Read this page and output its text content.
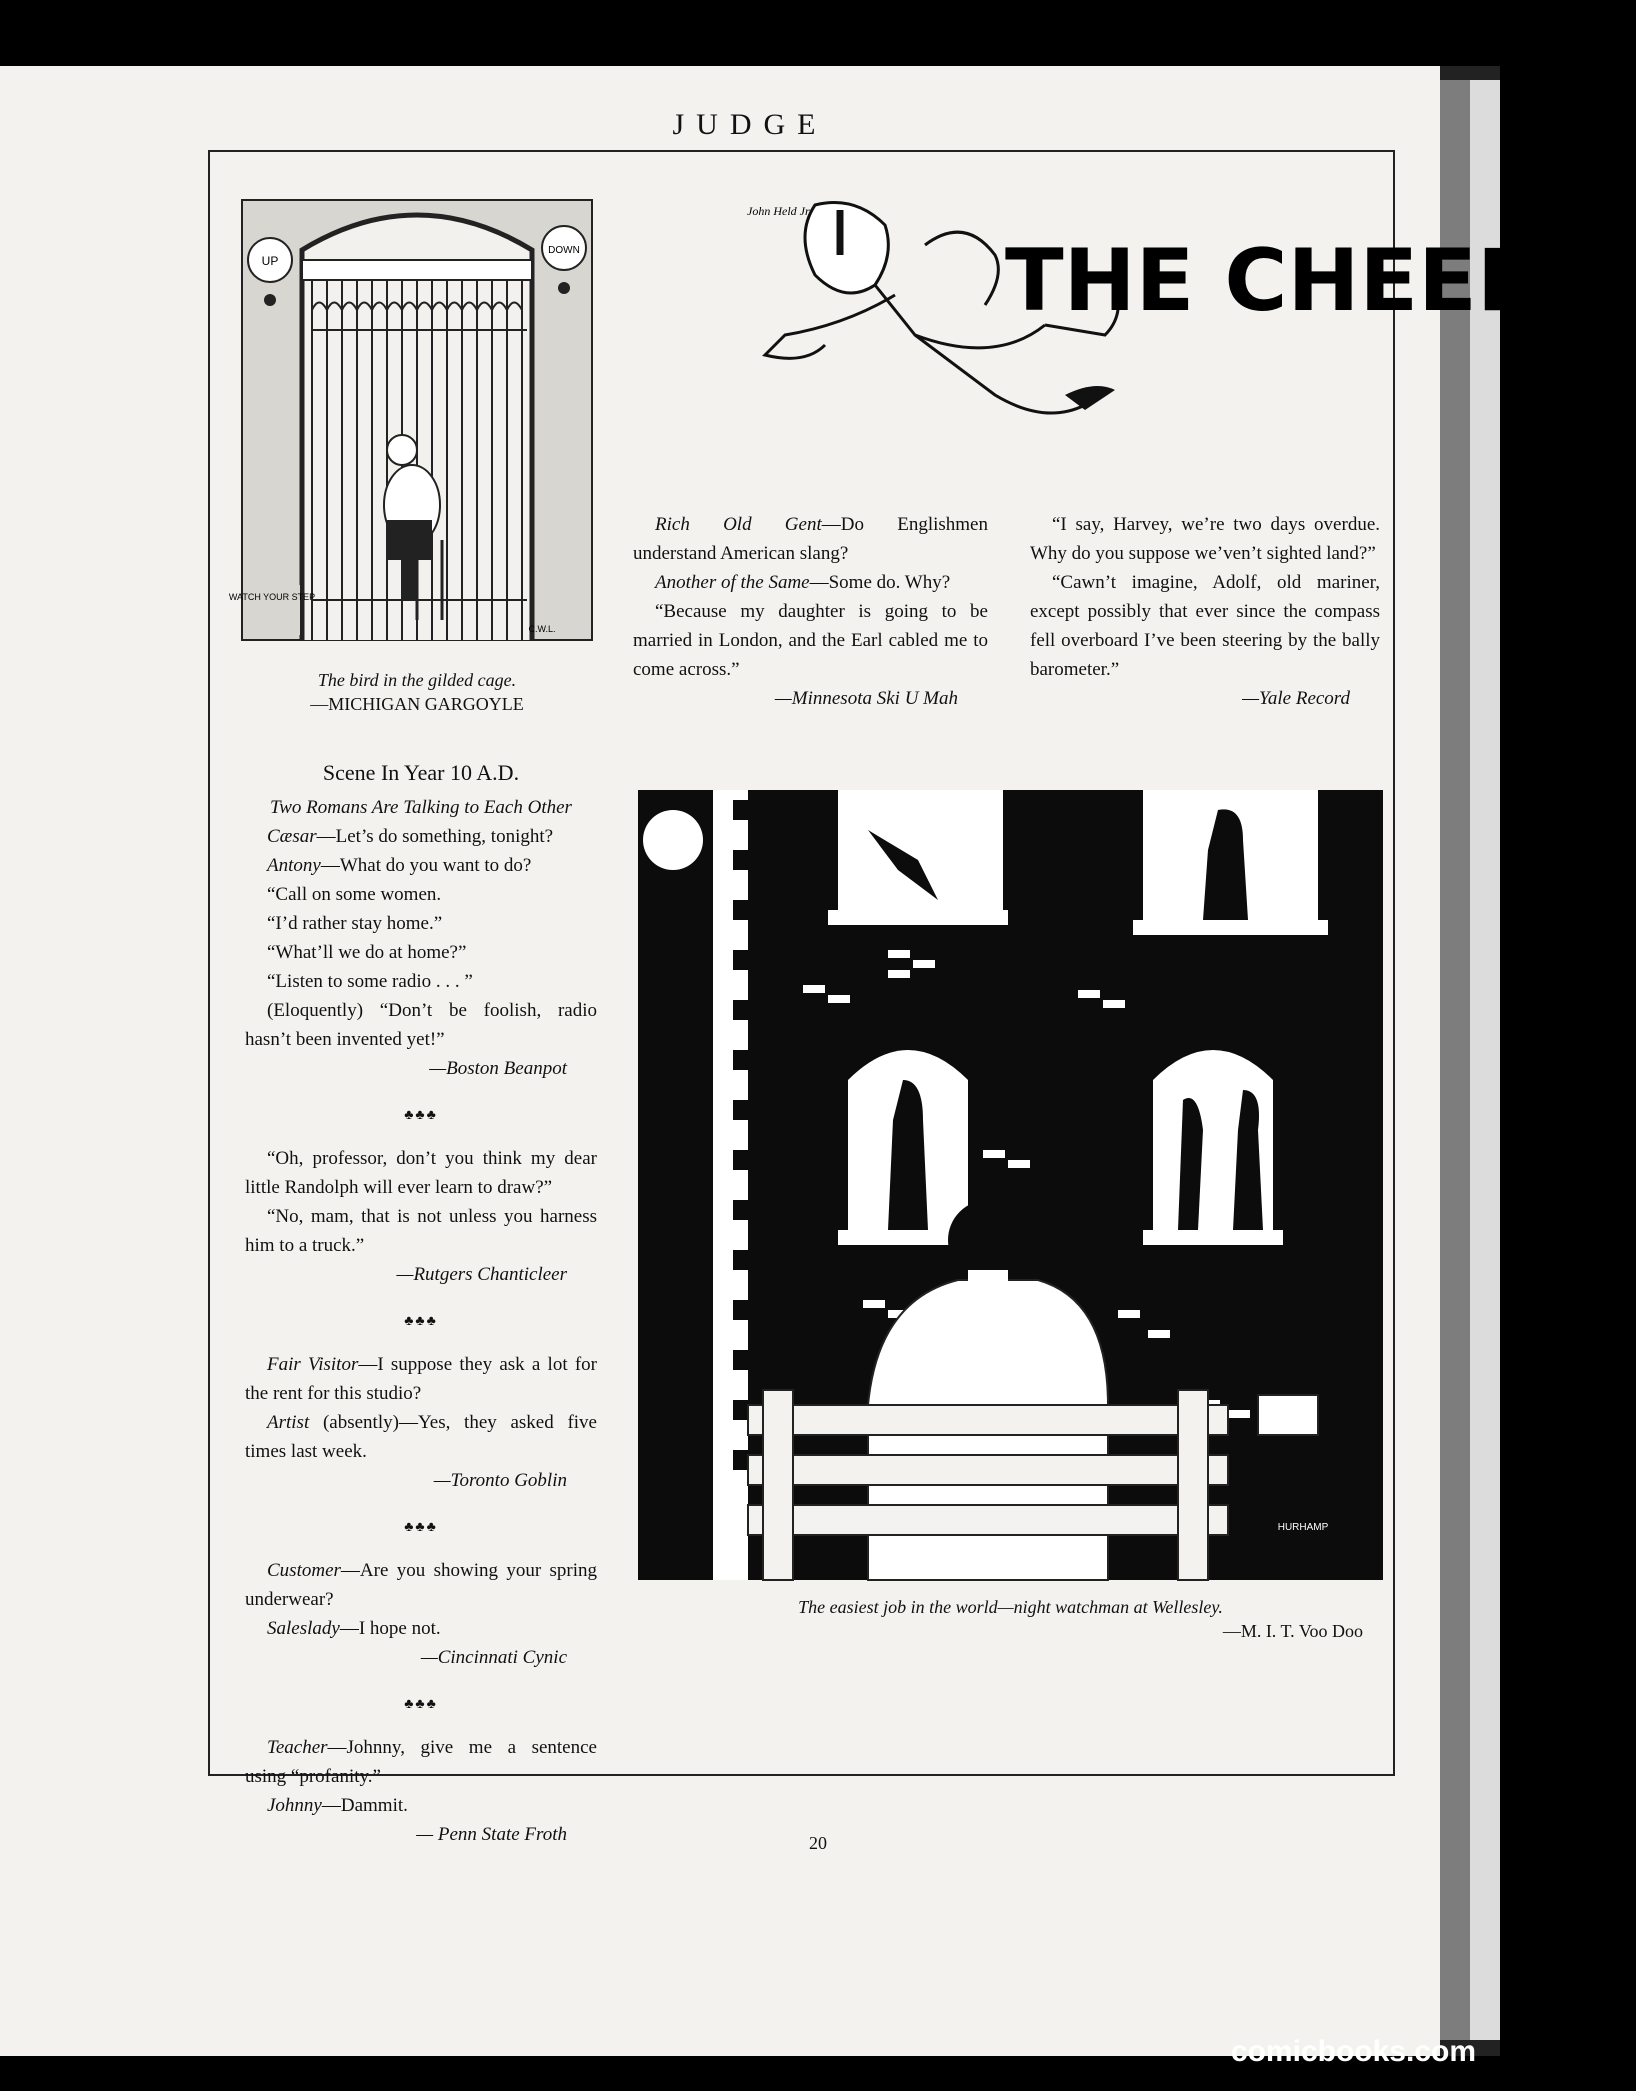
JUDGE
UP
DOWN
WATCH YOUR STEP
C.W.L.
The bird in the gilded cage.
—MICHIGAN GARGOYLE
John Held Jr
THE CHEER

Rich Old Gent—Do Englishmen understand American slang?

Another of the Same—Some do. Why?

“Because my daughter is going to be married in London, and the Earl cabled me to come across.”

—Minnesota Ski U Mah

“I say, Harvey, we’re two days overdue. Why do you suppose we’ven’t sighted land?”

“Cawn’t imagine, Adolf, old mariner, except possibly that ever since the compass fell overboard I’ve been steering by the bally barometer.”

—Yale Record

Scene In Year 10 A.D.

Two Romans Are Talking to Each Other

Cæsar—Let’s do something, tonight?

Antony—What do you want to do?

“Call on some women.

“I’d rather stay home.”

“What’ll we do at home?”

“Listen to some radio . . . ”

(Eloquently) “Don’t be foolish, radio hasn’t been invented yet!”

—Boston Beanpot

♣♣♣

“Oh, professor, don’t you think my dear little Randolph will ever learn to draw?”

“No, mam, that is not unless you harness him to a truck.”

—Rutgers Chanticleer

♣♣♣

Fair Visitor—I suppose they ask a lot for the rent for this studio?

Artist (absently)—Yes, they asked five times last week.

—Toronto Goblin

♣♣♣

Customer—Are you showing your spring underwear?

Saleslady—I hope not.

—Cincinnati Cynic

♣♣♣

Teacher—Johnny, give me a sentence using “profanity.”

Johnny—Dammit.

— Penn State Froth

HURHAMP
The easiest job in the world—night watchman at Wellesley.
—M. I. T. Voo Doo
20
comicbooks.com
